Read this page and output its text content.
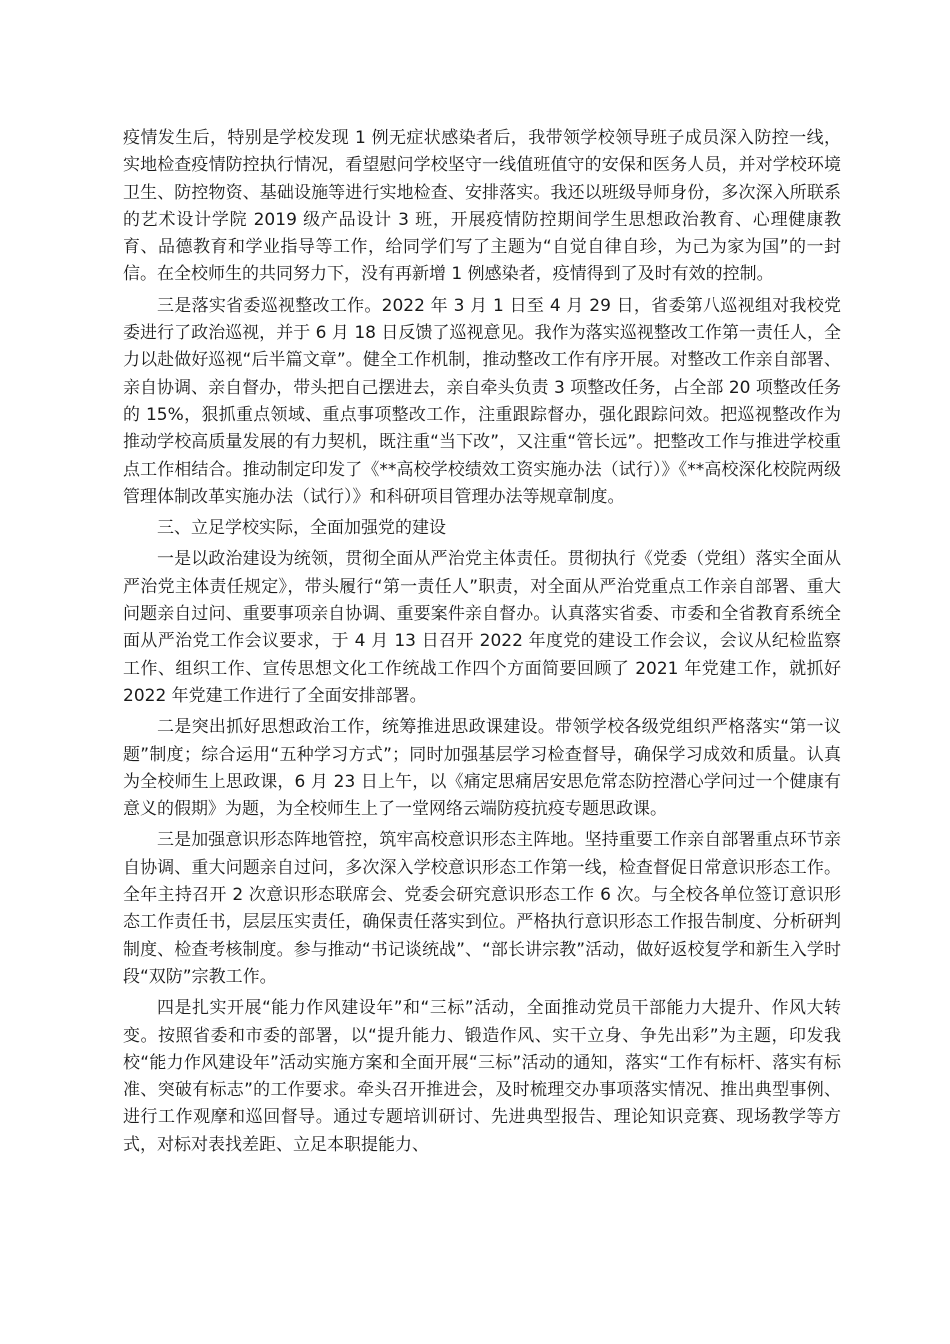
疫情发生后，特别是学校发现 1 例无症状感染者后，我带领学校领导班子成员深入防控一线，实地检查疫情防控执行情况，看望慰问学校坚守一线值班值守的安保和医务人员，并对学校环境卫生、防控物资、基础设施等进行实地检查、安排落实。我还以班级导师身份，多次深入所联系的艺术设计学院 2019 级产品设计 3 班，开展疫情防控期间学生思想政治教育、心理健康教育、品德教育和学业指导等工作，给同学们写了主题为“自觉自律自珍，为己为家为国”的一封信。在全校师生的共同努力下，没有再新增 1 例感染者，疫情得到了及时有效的控制。

三是落实省委巡视整改工作。2022 年 3 月 1 日至 4 月 29 日，省委第八巡视组对我校党委进行了政治巡视，并于 6 月 18 日反馈了巡视意见。我作为落实巡视整改工作第一责任人，全力以赴做好巡视“后半篇文章”。健全工作机制，推动整改工作有序开展。对整改工作亲自部署、亲自协调、亲自督办，带头把自己摆进去，亲自牵头负责 3 项整改任务，占全部 20 项整改任务的 15%，狠抓重点领域、重点事项整改工作，注重跟踪督办，强化跟踪问效。把巡视整改作为推动学校高质量发展的有力契机，既注重“当下改”，又注重“管长远”。把整改工作与推进学校重点工作相结合。推动制定印发了《**高校学校绩效工资实施办法（试行）》《**高校深化校院两级管理体制改革实施办法（试行）》和科研项目管理办法等规章制度。

三、立足学校实际，全面加强党的建设

一是以政治建设为统领，贯彻全面从严治党主体责任。贯彻执行《党委（党组）落实全面从严治党主体责任规定》，带头履行“第一责任人”职责，对全面从严治党重点工作亲自部署、重大问题亲自过问、重要事项亲自协调、重要案件亲自督办。认真落实省委、市委和全省教育系统全面从严治党工作会议要求，于 4 月 13 日召开 2022 年度党的建设工作会议，会议从纪检监察工作、组织工作、宣传思想文化工作统战工作四个方面简要回顾了 2021 年党建工作，就抓好 2022 年党建工作进行了全面安排部署。

二是突出抓好思想政治工作，统筹推进思政课建设。带领学校各级党组织严格落实“第一议题”制度；综合运用“五种学习方式”；同时加强基层学习检查督导，确保学习成效和质量。认真为全校师生上思政课，6 月 23 日上午，以《痛定思痛居安思危常态防控潜心学问过一个健康有意义的假期》为题，为全校师生上了一堂网络云端防疫抗疫专题思政课。

三是加强意识形态阵地管控，筑牢高校意识形态主阵地。坚持重要工作亲自部署重点环节亲自协调、重大问题亲自过问，多次深入学校意识形态工作第一线，检查督促日常意识形态工作。全年主持召开 2 次意识形态联席会、党委会研究意识形态工作 6 次。与全校各单位签订意识形态工作责任书，层层压实责任，确保责任落实到位。严格执行意识形态工作报告制度、分析研判制度、检查考核制度。参与推动“书记谈统战”、“部长讲宗教”活动，做好返校复学和新生入学时段“双防”宗教工作。

四是扎实开展“能力作风建设年”和“三标”活动，全面推动党员干部能力大提升、作风大转变。按照省委和市委的部署，以“提升能力、锻造作风、实干立身、争先出彩”为主题，印发我校“能力作风建设年”活动实施方案和全面开展“三标”活动的通知，落实“工作有标杆、落实有标准、突破有标志”的工作要求。牵头召开推进会，及时梳理交办事项落实情况、推出典型事例、进行工作观摩和巡回督导。通过专题培训研讨、先进典型报告、理论知识竞赛、现场教学等方式，对标对表找差距、立足本职提能力、
